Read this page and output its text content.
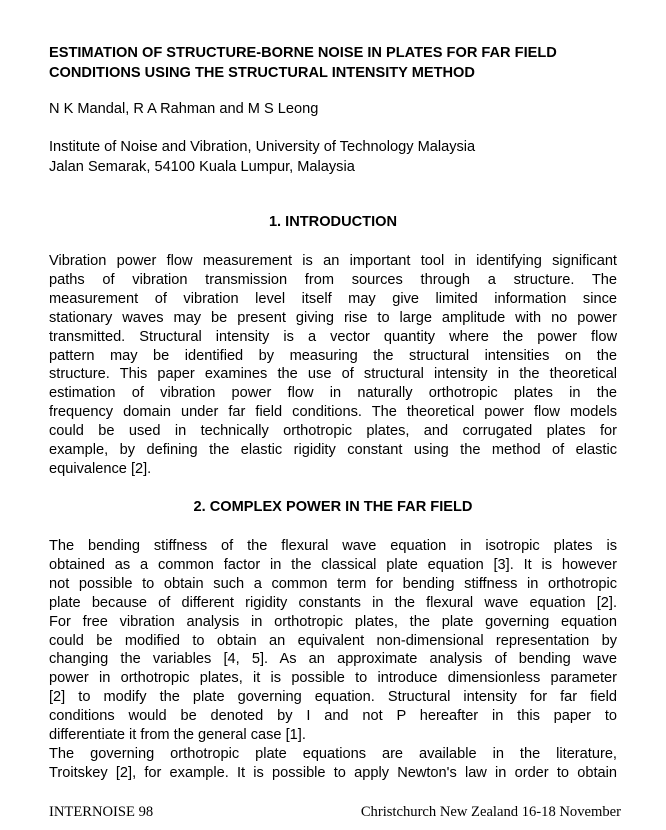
ESTIMATION OF STRUCTURE-BORNE NOISE IN PLATES FOR FAR FIELD
CONDITIONS USING THE STRUCTURAL INTENSITY METHOD
N K Mandal, R A Rahman and M S Leong
Institute of Noise and Vibration, University of Technology Malaysia
Jalan Semarak, 54100 Kuala Lumpur, Malaysia
1. INTRODUCTION
Vibration power flow measurement is an important tool in identifying significant
paths of vibration transmission from sources through a structure. The
measurement of vibration level itself may give limited information since
stationary waves may be present giving rise to large amplitude with no power
transmitted. Structural intensity is a vector quantity where the power flow
pattern may be identified by measuring the structural intensities on the
structure. This paper examines the use of structural intensity in the theoretical
estimation of vibration power flow in naturally orthotropic plates in the
frequency domain under far field conditions. The theoretical power flow models
could be used in technically orthotropic plates, and corrugated plates for
example, by defining the elastic rigidity constant using the method of elastic
equivalence [2].
2. COMPLEX POWER IN THE FAR FIELD
The bending stiffness of the flexural wave equation in isotropic plates is
obtained as a common factor in the classical plate equation [3]. It is however
not possible to obtain such a common term for bending stiffness in orthotropic
plate because of different rigidity constants in the flexural wave equation [2].
For free vibration analysis in orthotropic plates, the plate governing equation
could be modified to obtain an equivalent non-dimensional representation by
changing the variables [4, 5]. As an approximate analysis of bending wave
power in orthotropic plates, it is possible to introduce dimensionless parameter
[2] to modify the plate governing equation. Structural intensity for far field
conditions would be denoted by I and not P hereafter in this paper to
differentiate it from the general case [1].
The governing orthotropic plate equations are available in the literature,
Troitskey [2], for example. It is possible to apply Newton's law in order to obtain
INTERNOISE 98	Christchurch New Zealand 16-18 November
